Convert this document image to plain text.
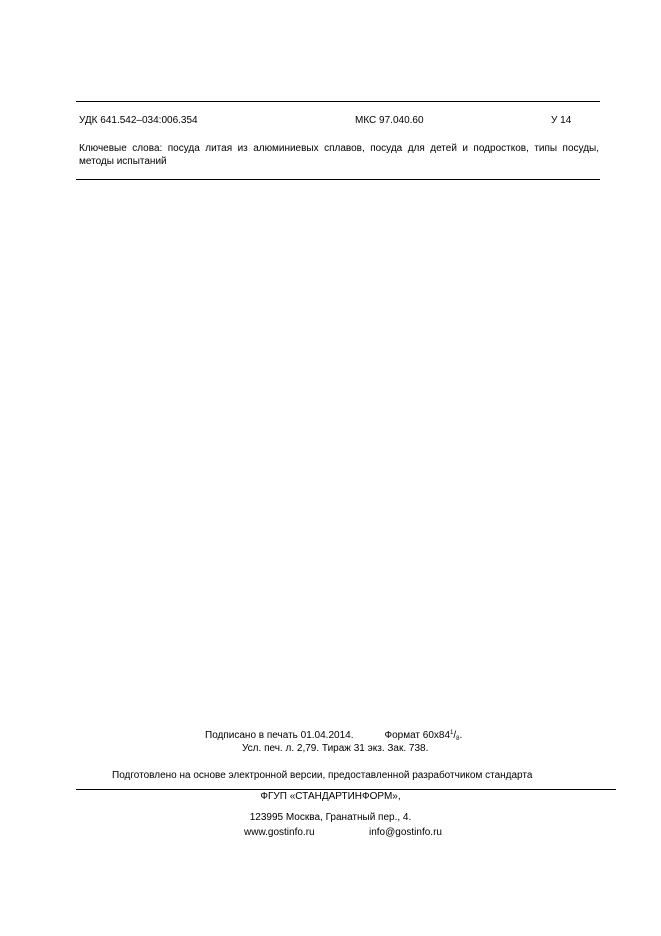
УДК 641.542–034:006.354	МКС 97.040.60	У 14
Ключевые слова: посуда литая из алюминиевых сплавов, посуда для детей и подростков, типы посуды, методы испытаний
Подписано в печать 01.04.2014.	Формат $60х84^1/_8$.
Усл. печ. л. 2,79. Тираж 31 экз. Зак. 738.
Подготовлено на основе электронной версии, предоставленной разработчиком стандарта
ФГУП «СТАНДАРТИНФОРМ»,
123995 Москва, Гранатный пер., 4.
www.gostinfo.ru	info@gostinfo.ru
